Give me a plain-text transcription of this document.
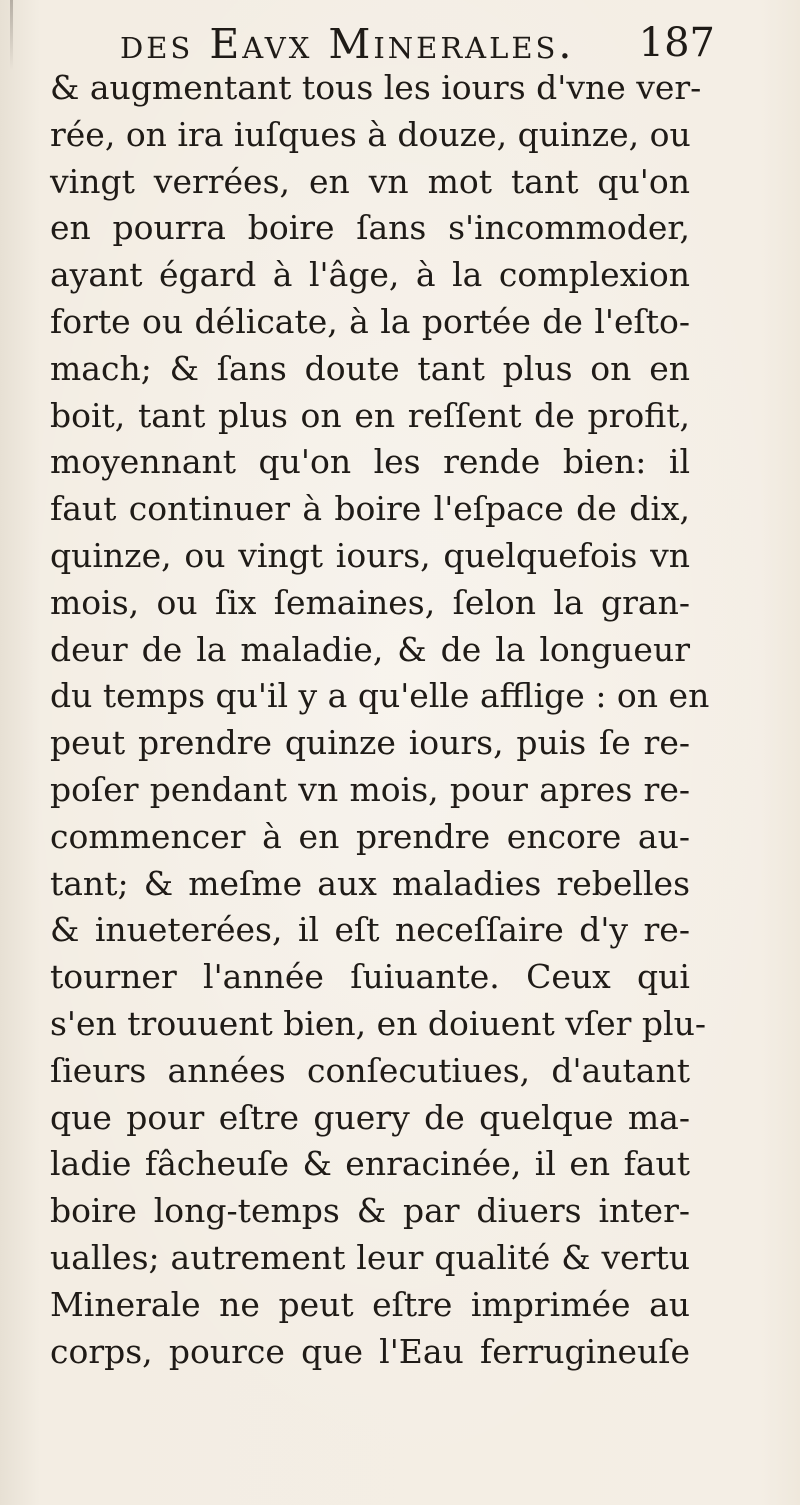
des Eavx Minerales. 187
& augmentant tous les iours d'vne ver-
rée, on ira iuſques à douze, quinze, ou
vingt verrées, en vn mot tant qu'on
en pourra boire ſans s'incommoder,
ayant égard à l'âge, à la complexion
forte ou délicate, à la portée de l'eſto-
mach; & ſans doute tant plus on en
boit, tant plus on en reſſent de profit,
moyennant qu'on les rende bien: il
faut continuer à boire l'eſpace de dix,
quinze, ou vingt iours, quelquefois vn
mois, ou ſix ſemaines, ſelon la gran-
deur de la maladie, & de la longueur
du temps qu'il y a qu'elle afflige : on en
peut prendre quinze iours, puis ſe re-
poſer pendant vn mois, pour apres re-
commencer à en prendre encore au-
tant; & meſme aux maladies rebelles
& inueterées, il eſt neceſſaire d'y re-
tourner l'année ſuiuante. Ceux qui
s'en trouuent bien, en doiuent vſer plu-
ſieurs années conſecutiues, d'autant
que pour eſtre guery de quelque ma-
ladie fâcheuſe & enracinée, il en faut
boire long-temps & par diuers inter-
ualles; autrement leur qualité & vertu
Minerale ne peut eſtre imprimée au
corps, pource que l'Eau ferrugineuſe
